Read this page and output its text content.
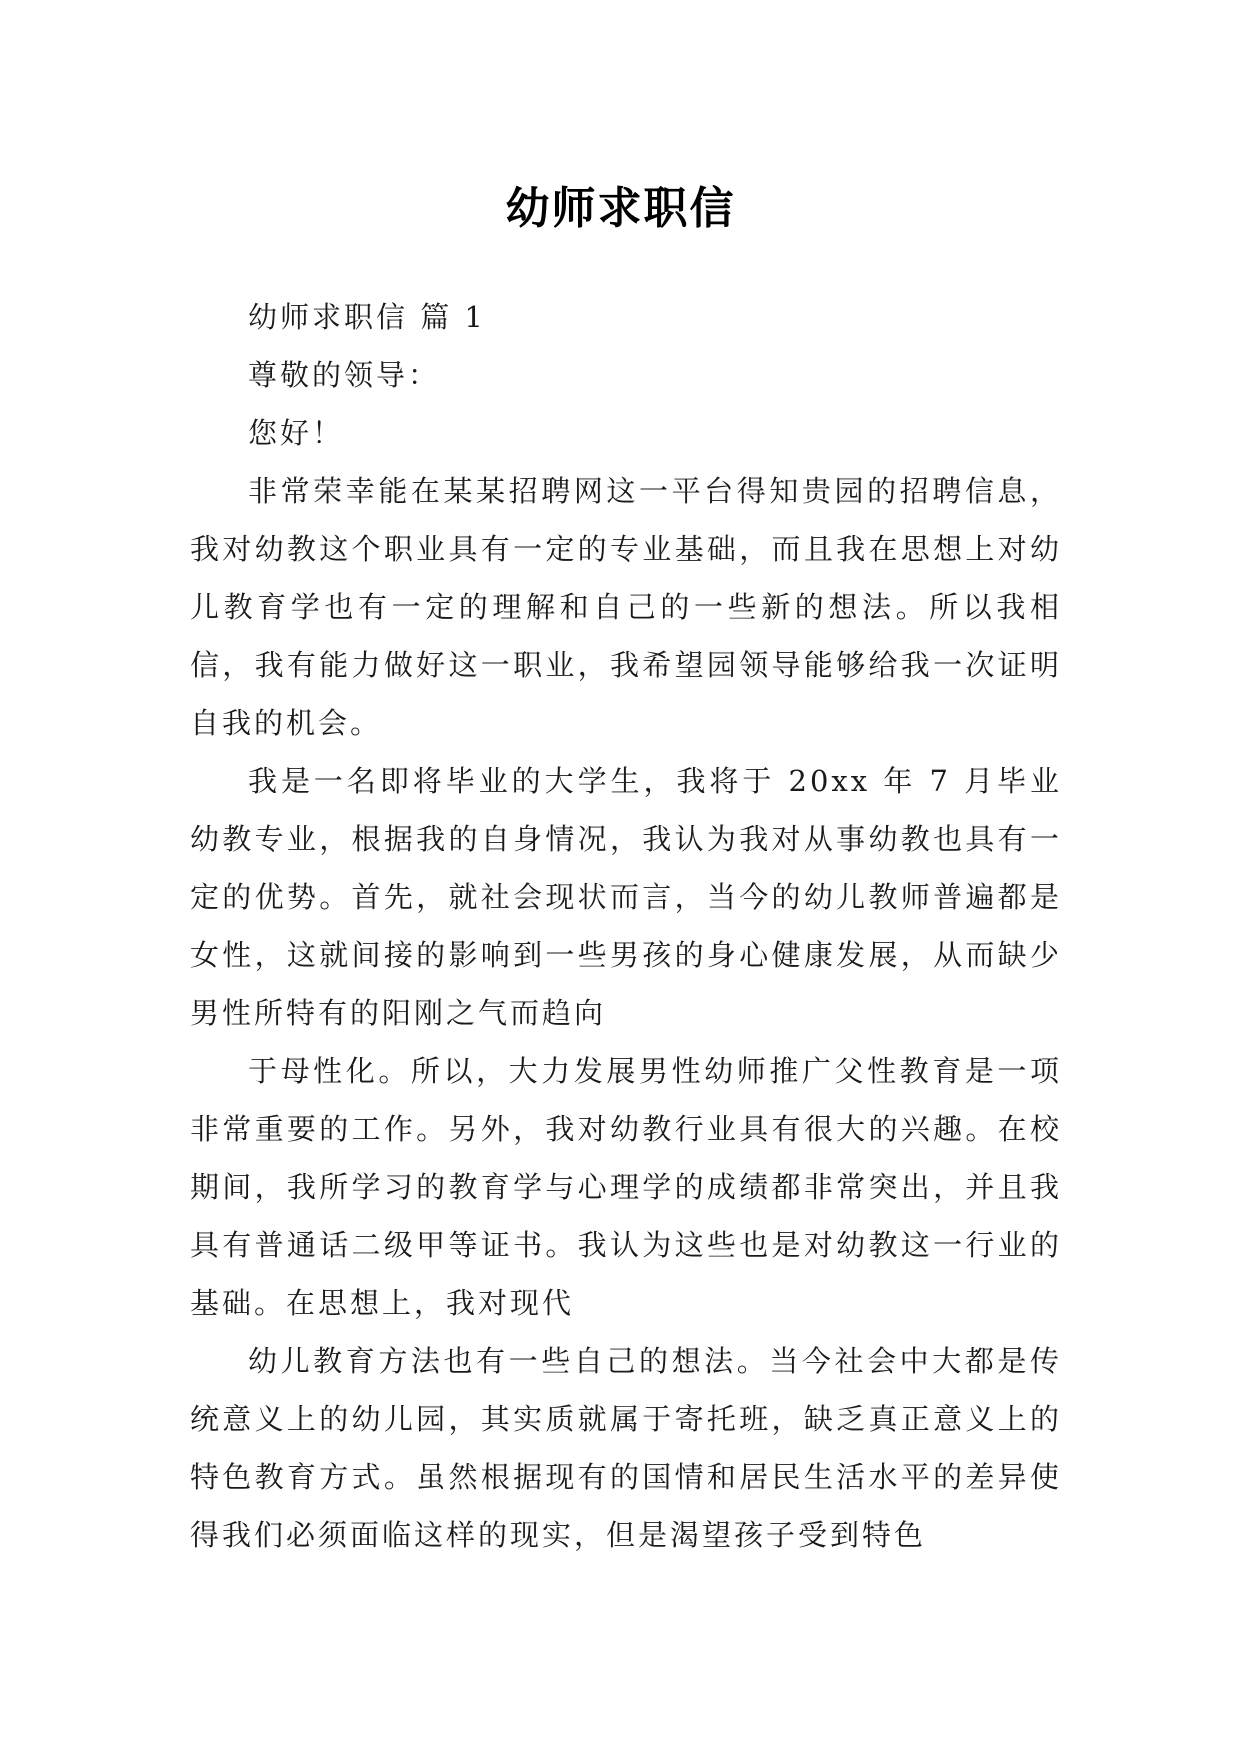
幼师求职信

幼师求职信 篇 1

尊敬的领导：

您好！

非常荣幸能在某某招聘网这一平台得知贵园的招聘信息，我对幼教这个职业具有一定的专业基础，而且我在思想上对幼儿教育学也有一定的理解和自己的一些新的想法。所以我相信，我有能力做好这一职业，我希望园领导能够给我一次证明自我的机会。

我是一名即将毕业的大学生，我将于 20xx 年 7 月毕业幼教专业，根据我的自身情况，我认为我对从事幼教也具有一定的优势。首先，就社会现状而言，当今的幼儿教师普遍都是女性，这就间接的影响到一些男孩的身心健康发展，从而缺少男性所特有的阳刚之气而趋向

于母性化。所以，大力发展男性幼师推广父性教育是一项非常重要的工作。另外，我对幼教行业具有很大的兴趣。在校期间，我所学习的教育学与心理学的成绩都非常突出，并且我具有普通话二级甲等证书。我认为这些也是对幼教这一行业的基础。在思想上，我对现代

幼儿教育方法也有一些自己的想法。当今社会中大都是传统意义上的幼儿园，其实质就属于寄托班，缺乏真正意义上的特色教育方式。虽然根据现有的国情和居民生活水平的差异使得我们必须面临这样的现实，但是渴望孩子受到特色
